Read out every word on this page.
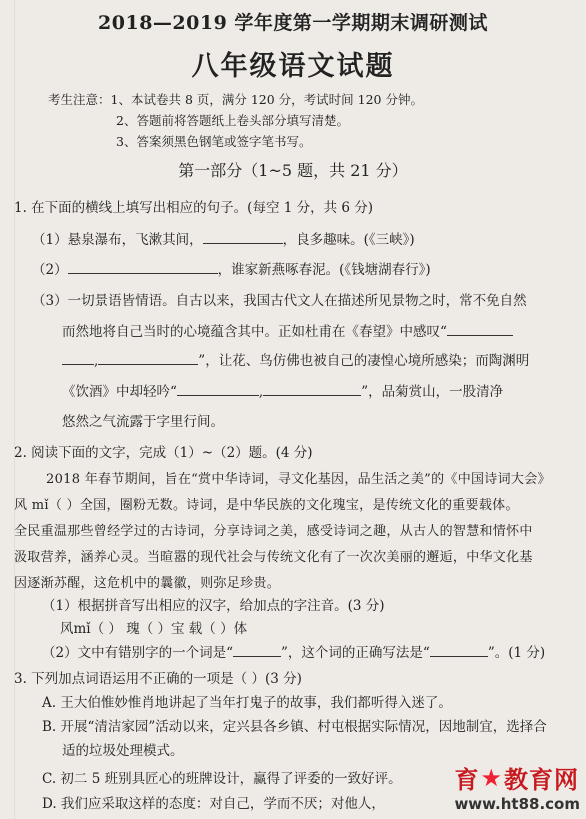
2018—2019 学年度第一学期期末调研测试
八年级语文试题
考生注意：1、本试卷共 8 页，满分 120 分，考试时间 120 分钟。
2、答题前将答题纸上卷头部分填写清楚。
3、答案须黑色钢笔或签字笔书写。
第一部分（1~5 题，共 21 分）
1. 在下面的横线上填写出相应的句子。(每空 1 分，共 6 分)
（1）悬泉瀑布，飞漱其间，	，良多趣味。(《三峡》)
（2）	，谁家新燕啄春泥。(《钱塘湖春行》)
（3）一切景语皆情语。自古以来，我国古代文人在描述所见景物之时，常不免自然
而然地将自己当时的心境蕴含其中。正如杜甫在《春望》中感叹“
,	”，让花、鸟仿佛也被自己的凄惶心境所感染；而陶渊明
《饮酒》中却轻吟“	,	”，品菊赏山，一股清净
悠然之气流露于字里行间。
2. 阅读下面的文字，完成（1）~（2）题。(4 分)
2018 年春节期间，旨在“赏中华诗词，寻文化基因，品生活之美”的《中国诗词大会》
风 mǐ（ ）全国，圈粉无数。诗词，是中华民族的文化瑰宝，是传统文化的重要载体。
全民重温那些曾经学过的古诗词，分享诗词之美，感受诗词之趣，从古人的智慧和情怀中
汲取营养，涵养心灵。当暄嚣的现代社会与传统文化有了一次次美丽的邂逅，中华文化基
因逐渐苏醒，这危机中的曩徽，则弥足珍贵。
（1）根据拼音写出相应的汉字，给加点的字注音。(3 分)
风mǐ（ ） 瑰（ ）宝 载（ ）体
（2）文中有错别字的一个词是“	”，这个词的正确写法是“	”。(1 分)
3. 下列加点词语运用不正确的一项是（ ）(3 分)
A. 王大伯惟妙惟肖地讲起了当年打鬼子的故事，我们都听得入迷了。
B. 开展“清洁家园”活动以来，定兴县各乡镇、村屯根据实际情况，因地制宜，选择合
适的垃圾处理模式。
C. 初二 5 班别具匠心的班牌设计，赢得了评委的一致好评。
D. 我们应采取这样的态度：对自己，学而不厌；对他人，
育 ★ 教育网
www.ht88.com
